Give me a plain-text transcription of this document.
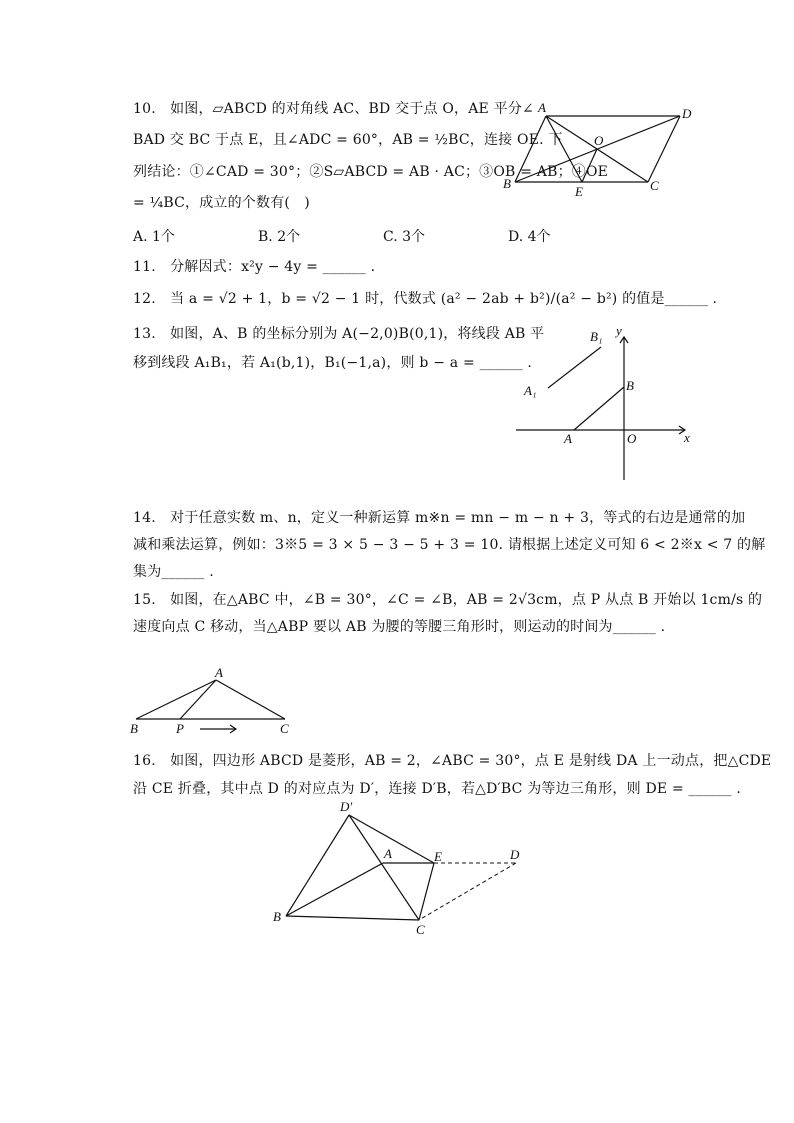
10.　如图，▱ABCD 的对角线 AC、BD 交于点 O，AE 平分∠
BAD 交 BC 于点 E，且∠ADC = 60°，AB = ½BC，连接 OE. 下
列结论：①∠CAD = 30°；②S▱ABCD = AB · AC；③OB = AB；④OE
= ¼BC，成立的个数有(　)
A. 1个	B. 2个	C. 3个	D. 4个
A	D
O
B
E	C
11.　分解因式：x²y − 4y = ______ .
12.　当 a = √2 + 1，b = √2 − 1 时，代数式 (a² − 2ab + b²)/(a² − b²) 的值是______ .
13.　如图，A、B 的坐标分别为 A(−2,0)B(0,1)，将线段 AB 平
移到线段 A₁B₁，若 A₁(b,1)，B₁(−1,a)，则 b − a = ______ .
B₁ y
B
A₁
A	O	x
14.　对于任意实数 m、n，定义一种新运算 m※n = mn − m − n + 3，等式的右边是通常的加
减和乘法运算，例如：3※5 = 3 × 5 − 3 − 5 + 3 = 10. 请根据上述定义可知 6 < 2※x < 7 的解
集为______ .
15.　如图，在△ABC 中，∠B = 30°，∠C = ∠B，AB = 2√3cm，点 P 从点 B 开始以 1cm/s 的
速度向点 C 移动，当△ABP 要以 AB 为腰的等腰三角形时，则运动的时间为______ .
A
B	P	C
16.　如图，四边形 ABCD 是菱形，AB = 2，∠ABC = 30°，点 E 是射线 DA 上一动点，把△CDE
沿 CE 折叠，其中点 D 的对应点为 D′，连接 D′B，若△D′BC 为等边三角形，则 DE = ______ .
D′
A	E	D
B
C
